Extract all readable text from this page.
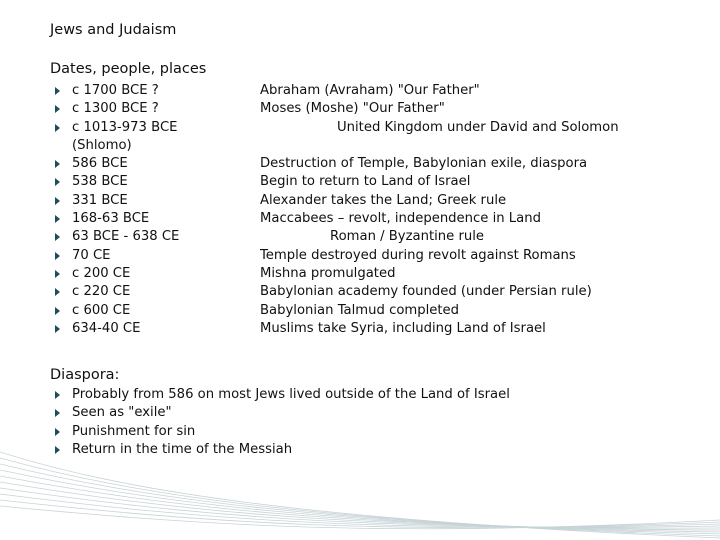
Jews and Judaism
Dates, people, places
c 1700 BCE ?
c 1300 BCE ?
c 1013-973 BCE
(Shlomo)
586 BCE
538 BCE
331 BCE
168-63 BCE
63 BCE - 638 CE
70 CE
c 200 CE
c 220 CE
c 600 CE
634-40 CE
Abraham (Avraham) "Our Father"
Moses (Moshe) "Our Father"
United Kingdom under David and Solomon
Destruction of Temple, Babylonian exile, diaspora
Begin to return to Land of Israel
Alexander takes the Land; Greek rule
Maccabees – revolt, independence in Land
Roman / Byzantine rule
Temple destroyed during revolt against Romans
Mishna promulgated
Babylonian academy founded (under Persian rule)
Babylonian Talmud completed
Muslims take Syria, including Land of Israel
Diaspora:
Probably from 586 on most Jews lived outside of the Land of Israel
Seen as "exile"
Punishment for sin
Return in the time of the Messiah
